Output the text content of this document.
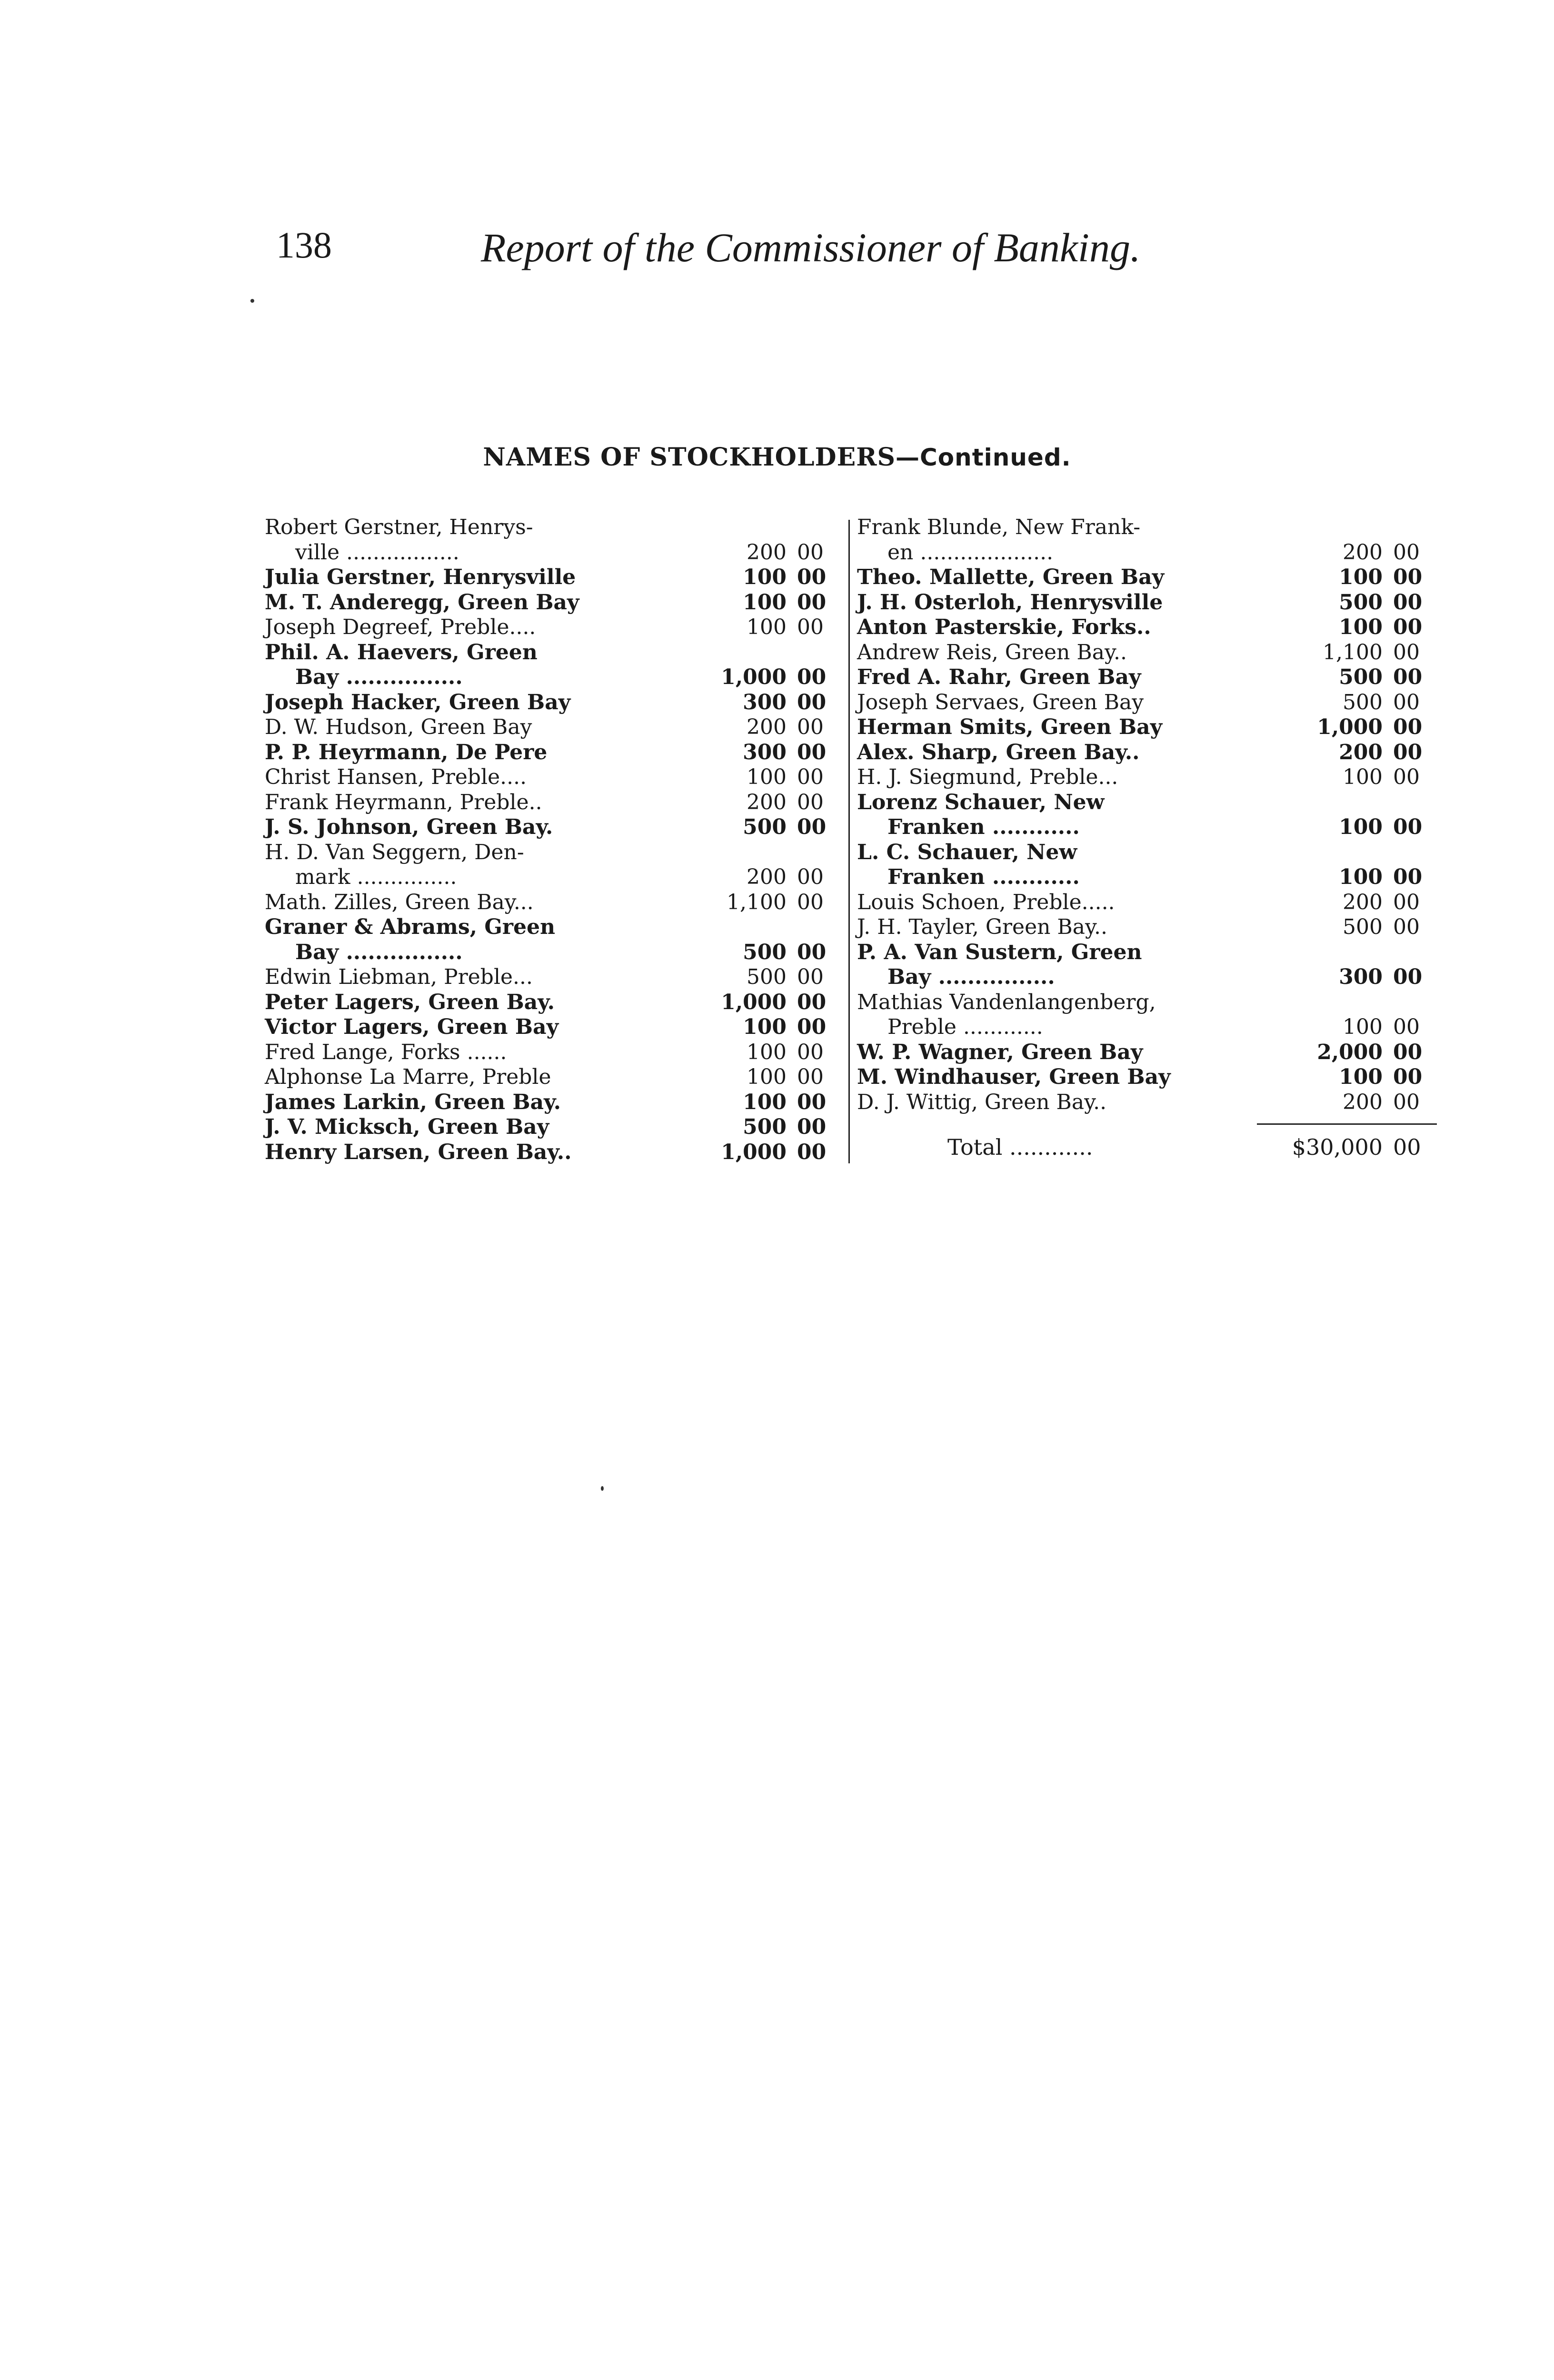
138	Report of the Commissioner of Banking.
NAMES OF STOCKHOLDERS—Continued.
Robert Gerstner, Henrys-
ville .................	200 00
Julia Gerstner, Henrysville	100 00
M. T. Anderegg, Green Bay	100 00
Joseph Degreef, Preble....	100 00
Phil. A. Haevers, Green
Bay ................	1,000 00
Joseph Hacker, Green Bay	300 00
D. W. Hudson, Green Bay	200 00
P. P. Heyrmann, De Pere	300 00
Christ Hansen, Preble....	100 00
Frank Heyrmann, Preble..	200 00
J. S. Johnson, Green Bay.	500 00
H. D. Van Seggern, Den-
mark ...............	200 00
Math. Zilles, Green Bay...	1,100 00
Graner & Abrams, Green
Bay ................	500 00
Edwin Liebman, Preble...	500 00
Peter Lagers, Green Bay.	1,000 00
Victor Lagers, Green Bay	100 00
Fred Lange, Forks ......	100 00
Alphonse La Marre, Preble	100 00
James Larkin, Green Bay.	100 00
J. V. Micksch, Green Bay	500 00
Henry Larsen, Green Bay..	1,000 00
Frank Blunde, New Frank-
en ....................	200 00
Theo. Mallette, Green Bay	100 00
J. H. Osterloh, Henrysville	500 00
Anton Pasterskie, Forks..	100 00
Andrew Reis, Green Bay..	1,100 00
Fred A. Rahr, Green Bay	500 00
Joseph Servaes, Green Bay	500 00
Herman Smits, Green Bay	1,000 00
Alex. Sharp, Green Bay..	200 00
H. J. Siegmund, Preble...	100 00
Lorenz Schauer, New
Franken ............	100 00
L. C. Schauer, New
Franken ............	100 00
Louis Schoen, Preble.....	200 00
J. H. Tayler, Green Bay..	500 00
P. A. Van Sustern, Green
Bay ................	300 00
Mathias Vandenlangenberg,
Preble ............	100 00
W. P. Wagner, Green Bay	2,000 00
M. Windhauser, Green Bay	100 00
D. J. Wittig, Green Bay..	200 00
Total ............	$30,000 00
